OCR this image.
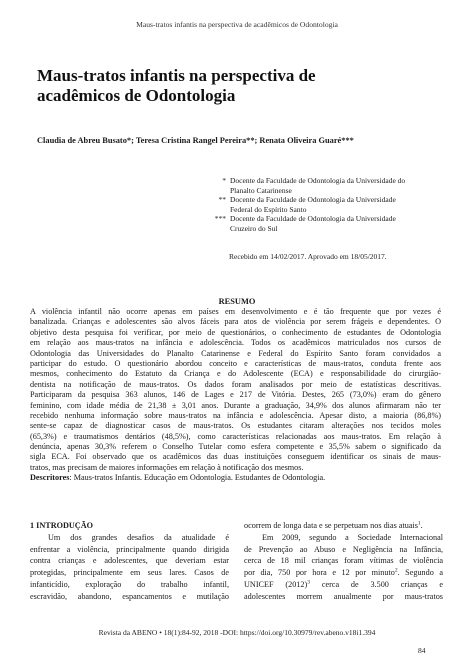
Maus-tratos infantis na perspectiva de acadêmicos de Odontologia
Maus-tratos infantis na perspectiva de
acadêmicos de Odontologia
Claudia de Abreu Busato*; Teresa Cristina Rangel Pereira**; Renata Oliveira Guaré***
* Docente da Faculdade de Odontologia da Universidade do
Planalto Catarinense
** Docente da Faculdade de Odontologia da Universidade
Federal do Espírito Santo
*** Docente da Faculdade de Odontologia da Universidade
Cruzeiro do Sul
Recebido em 14/02/2017. Aprovado em 18/05/2017.
RESUMO
A violência infantil não ocorre apenas em países em desenvolvimento e é tão frequente que por vezes é
banalizada. Crianças e adolescentes são alvos fáceis para atos de violência por serem frágeis e dependentes. O
objetivo desta pesquisa foi verificar, por meio de questionários, o conhecimento de estudantes de Odontologia
em relação aos maus-tratos na infância e adolescência. Todos os acadêmicos matriculados nos cursos de
Odontologia das Universidades do Planalto Catarinense e Federal do Espírito Santo foram convidados a
participar do estudo. O questionário abordou conceito e características de maus-tratos, conduta frente aos
mesmos, conhecimento do Estatuto da Criança e do Adolescente (ECA) e responsabilidade do cirurgião-
dentista na notificação de maus-tratos. Os dados foram analisados por meio de estatísticas descritivas.
Participaram da pesquisa 363 alunos, 146 de Lages e 217 de Vitória. Destes, 265 (73,0%) eram do gênero
feminino, com idade média de 21,38 ± 3,01 anos. Durante a graduação, 34,9% dos alunos afirmaram não ter
recebido nenhuma informação sobre maus-tratos na infância e adolescência. Apesar disto, a maioria (86,8%)
sente-se capaz de diagnosticar casos de maus-tratos. Os estudantes citaram alterações nos tecidos moles
(65,3%) e traumatismos dentários (48,5%), como características relacionadas aos maus-tratos. Em relação à
denúncia, apenas 30,3% referem o Conselho Tutelar como esfera competente e 35,5% sabem o significado da
sigla ECA. Foi observado que os acadêmicos das duas instituições conseguem identificar os sinais de maus-
tratos, mas precisam de maiores informações em relação à notificação dos mesmos.
Descritores: Maus-tratos Infantis. Educação em Odontologia. Estudantes de Odontologia.
1 INTRODUÇÃO
Um dos grandes desafios da atualidade é
enfrentar a violência, principalmente quando dirigida
contra crianças e adolescentes, que deveriam estar
protegidas, principalmente em seus lares. Casos de
infanticídio, exploração do trabalho infantil,
escravidão, abandono, espancamentos e mutilação
ocorrem de longa data e se perpetuam nos dias atuais$^1$.
Em 2009, segundo a Sociedade Internacional
de Prevenção ao Abuso e Negligência na Infância,
cerca de 18 mil crianças foram vítimas de violência
por dia, 750 por hora e 12 por minuto$^2$. Segundo a
UNICEF $(2012)^3$ cerca de 3.500 crianças e
adolescentes morrem anualmente por maus-tratos
Revista da ABENO • 18(1):84-92, 2018 -DOI: https://doi.org/10.30979/rev.abeno.v18i1.394
84
